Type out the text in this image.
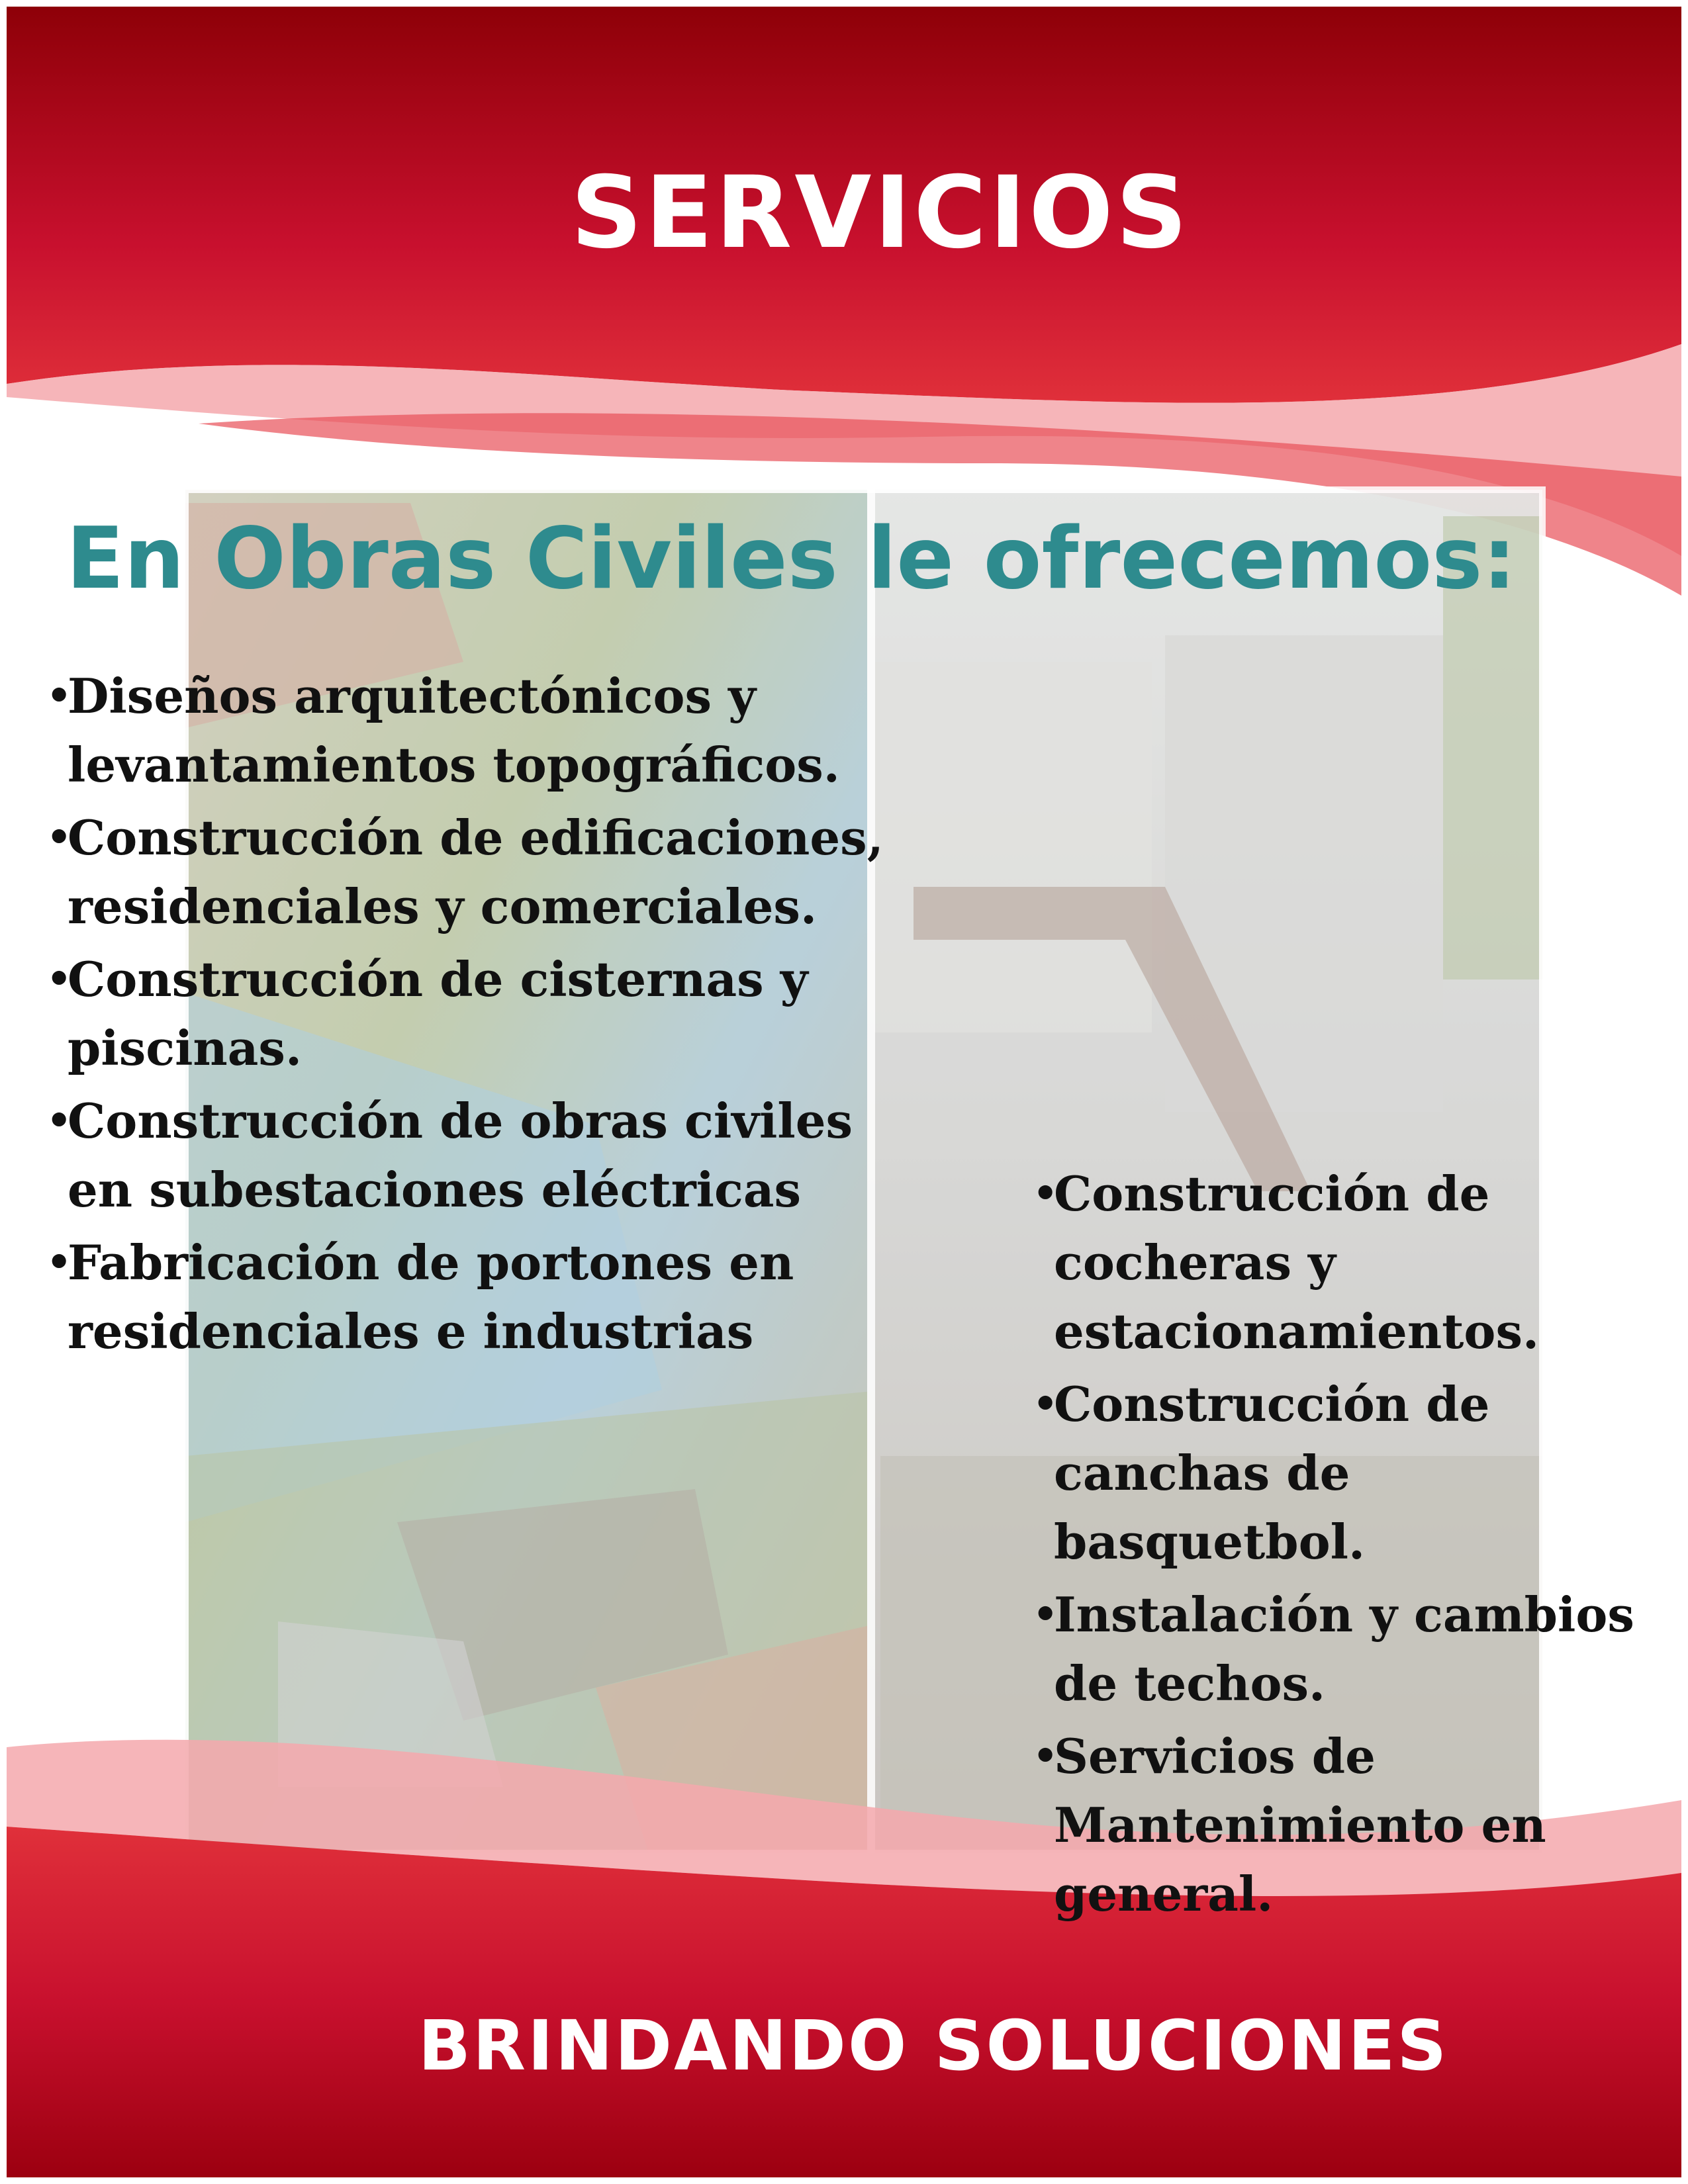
SERVICIOS
En Obras Civiles le ofrecemos:
•
Diseños arquitectónicos y levantamientos topográficos.
•
Construcción de edificaciones, residenciales y comerciales.
•
Construcción de cisternas y piscinas.
•
Construcción de obras civiles en subestaciones eléctricas
•
Fabricación de portones en residenciales e industrias
•
Construcción de cocheras y estacionamientos.
•
Construcción de canchas de basquetbol.
•
Instalación y cambios de techos.
•
Servicios de Mantenimiento en general.
BRINDANDO SOLUCIONES
